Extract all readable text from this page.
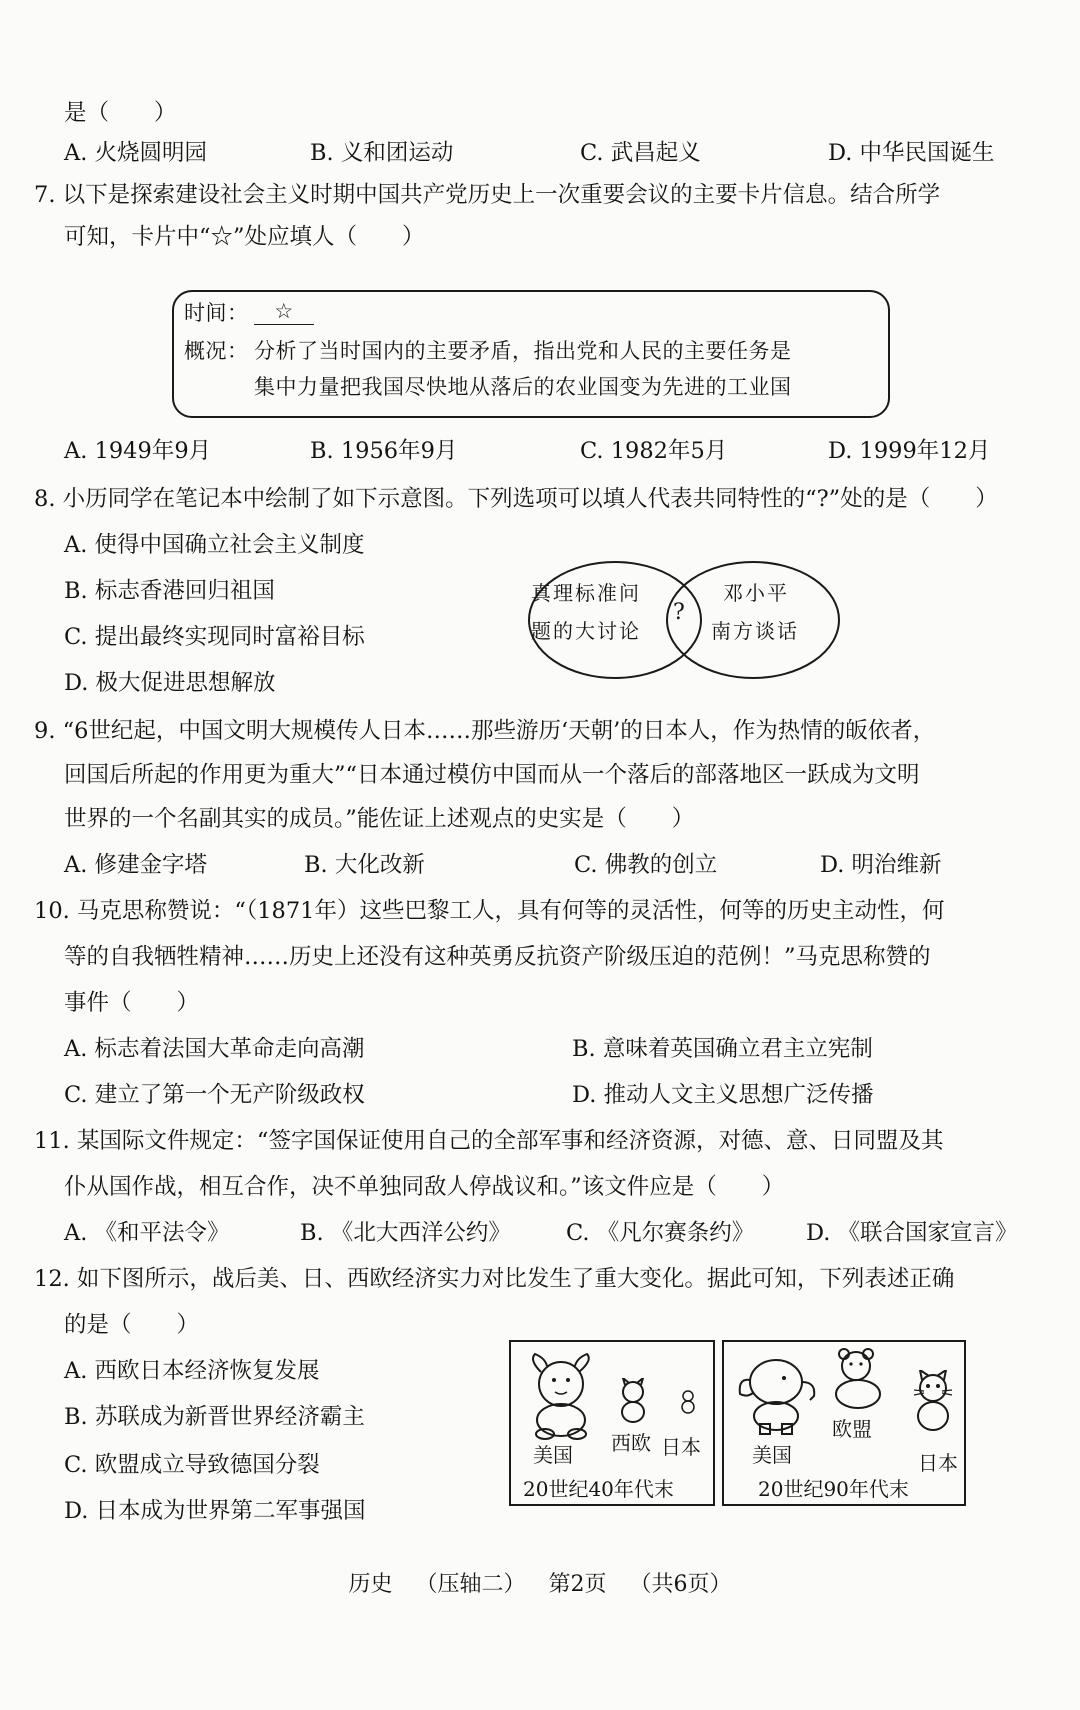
是（　　）
A. 火烧圆明园	B. 义和团运动	C. 武昌起义	D. 中华民国诞生
7. 以下是探索建设社会主义时期中国共产党历史上一次重要会议的主要卡片信息。结合所学
可知，卡片中“☆”处应填人（　　）
时间：	☆
概况： 分析了当时国内的主要矛盾，指出党和人民的主要任务是
集中力量把我国尽快地从落后的农业国变为先进的工业国
A. 1949年9月	B. 1956年9月	C. 1982年5月	D. 1999年12月
8. 小历同学在笔记本中绘制了如下示意图。下列选项可以填人代表共同特性的“?”处的是（　　）
A. 使得中国确立社会主义制度
B. 标志香港回归祖国
C. 提出最终实现同时富裕目标
D. 极大促进思想解放
真理标准问
题的大讨论
?
邓小平
南方谈话
9. “6世纪起，中国文明大规模传人日本……那些游历‘天朝’的日本人，作为热情的皈依者，
回国后所起的作用更为重大”“日本通过模仿中国而从一个落后的部落地区一跃成为文明
世界的一个名副其实的成员。”能佐证上述观点的史实是（　　）
A. 修建金字塔	B. 大化改新	C. 佛教的创立	D. 明治维新
10. 马克思称赞说：“（1871年）这些巴黎工人，具有何等的灵活性，何等的历史主动性，何
等的自我牺牲精神……历史上还没有这种英勇反抗资产阶级压迫的范例！”马克思称赞的
事件（　　）
A. 标志着法国大革命走向高潮	B. 意味着英国确立君主立宪制
C. 建立了第一个无产阶级政权	D. 推动人文主义思想广泛传播
11. 某国际文件规定：“签字国保证使用自己的全部军事和经济资源，对德、意、日同盟及其
仆从国作战，相互合作，决不单独同敌人停战议和。”该文件应是（　　）
A. 《和平法令》	B. 《北大西洋公约》 C. 《凡尔赛条约》 D. 《联合国家宣言》
12. 如下图所示，战后美、日、西欧经济实力对比发生了重大变化。据此可知，下列表述正确
的是（　　）
A. 西欧日本经济恢复发展
B. 苏联成为新晋世界经济霸主
C. 欧盟成立导致德国分裂
D. 日本成为世界第二军事强国
美国 西欧 日本
20世纪40年代末
美国
欧盟
日本
20世纪90年代末
历史 （压轴二） 第2页 （共6页）
